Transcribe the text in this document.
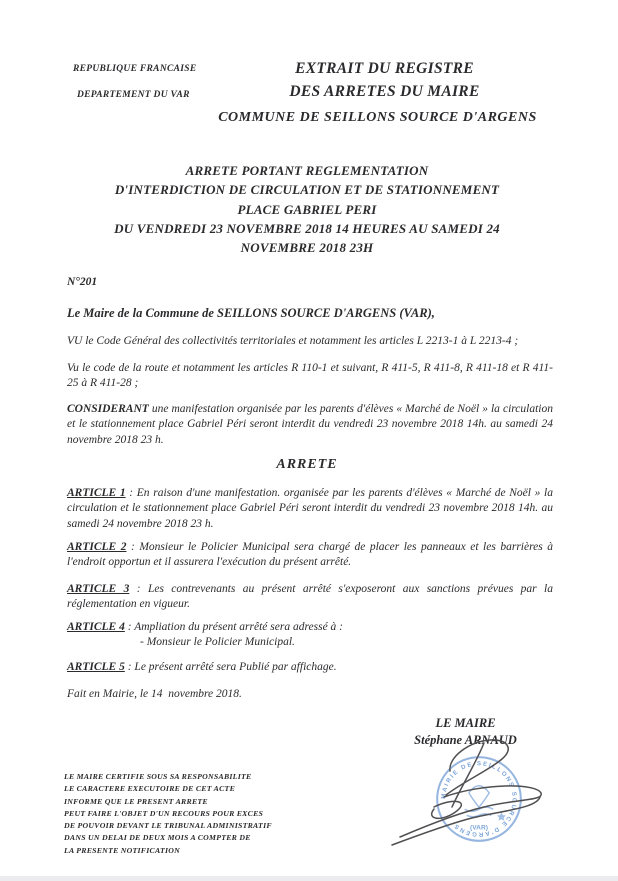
REPUBLIQUE FRANCAISE
DEPARTEMENT DU VAR
EXTRAIT DU REGISTRE
DES ARRETES DU MAIRE
COMMUNE DE SEILLONS SOURCE D'ARGENS
ARRETE PORTANT REGLEMENTATION
D'INTERDICTION DE CIRCULATION ET DE STATIONNEMENT
PLACE GABRIEL PERI
DU VENDREDI 23 NOVEMBRE 2018 14 HEURES AU SAMEDI 24
NOVEMBRE 2018 23H
N°201
Le Maire de la Commune de SEILLONS SOURCE D'ARGENS (VAR),
VU le Code Général des collectivités territoriales et notamment les articles L 2213-1 à L 2213-4 ;
Vu le code de la route et notamment les articles R 110-1 et suivant, R 411-5, R 411-8, R 411-18 et R 411-25 à R 411-28 ;
CONSIDERANT une manifestation organisée par les parents d'élèves « Marché de Noël » la circulation et le stationnement place Gabriel Péri seront interdit du vendredi 23 novembre 2018 14h. au samedi 24 novembre 2018 23 h.
ARRETE
ARTICLE 1 : En raison d'une manifestation. organisée par les parents d'élèves « Marché de Noël » la circulation et le stationnement place Gabriel Péri seront interdit du vendredi 23 novembre 2018 14h. au samedi 24 novembre 2018 23 h.
ARTICLE 2 : Monsieur le Policier Municipal sera chargé de placer les panneaux et les barrières à l'endroit opportun et il assurera l'exécution du présent arrêté.
ARTICLE 3 : Les contrevenants au présent arrêté s'exposeront aux sanctions prévues par la réglementation en vigueur.
ARTICLE 4 : Ampliation du présent arrêté sera adressé à :
- Monsieur le Policier Municipal.
ARTICLE 5 : Le présent arrêté sera Publié par affichage.
Fait en Mairie, le 14  novembre 2018.
LE MAIRE
Stéphane ARNAUD
MAIRIE DE SEILLONS SOURCE D'ARGENS	(VAR)
LE MAIRE CERTIFIE SOUS SA RESPONSABILITE
LE CARACTERE EXECUTOIRE DE CET ACTE
INFORME QUE LE PRESENT ARRETE
PEUT FAIRE L'OBJET D'UN RECOURS POUR EXCES
DE POUVOIR DEVANT LE TRIBUNAL ADMINISTRATIF
DANS UN DELAI DE DEUX MOIS A COMPTER DE
LA PRESENTE NOTIFICATION
